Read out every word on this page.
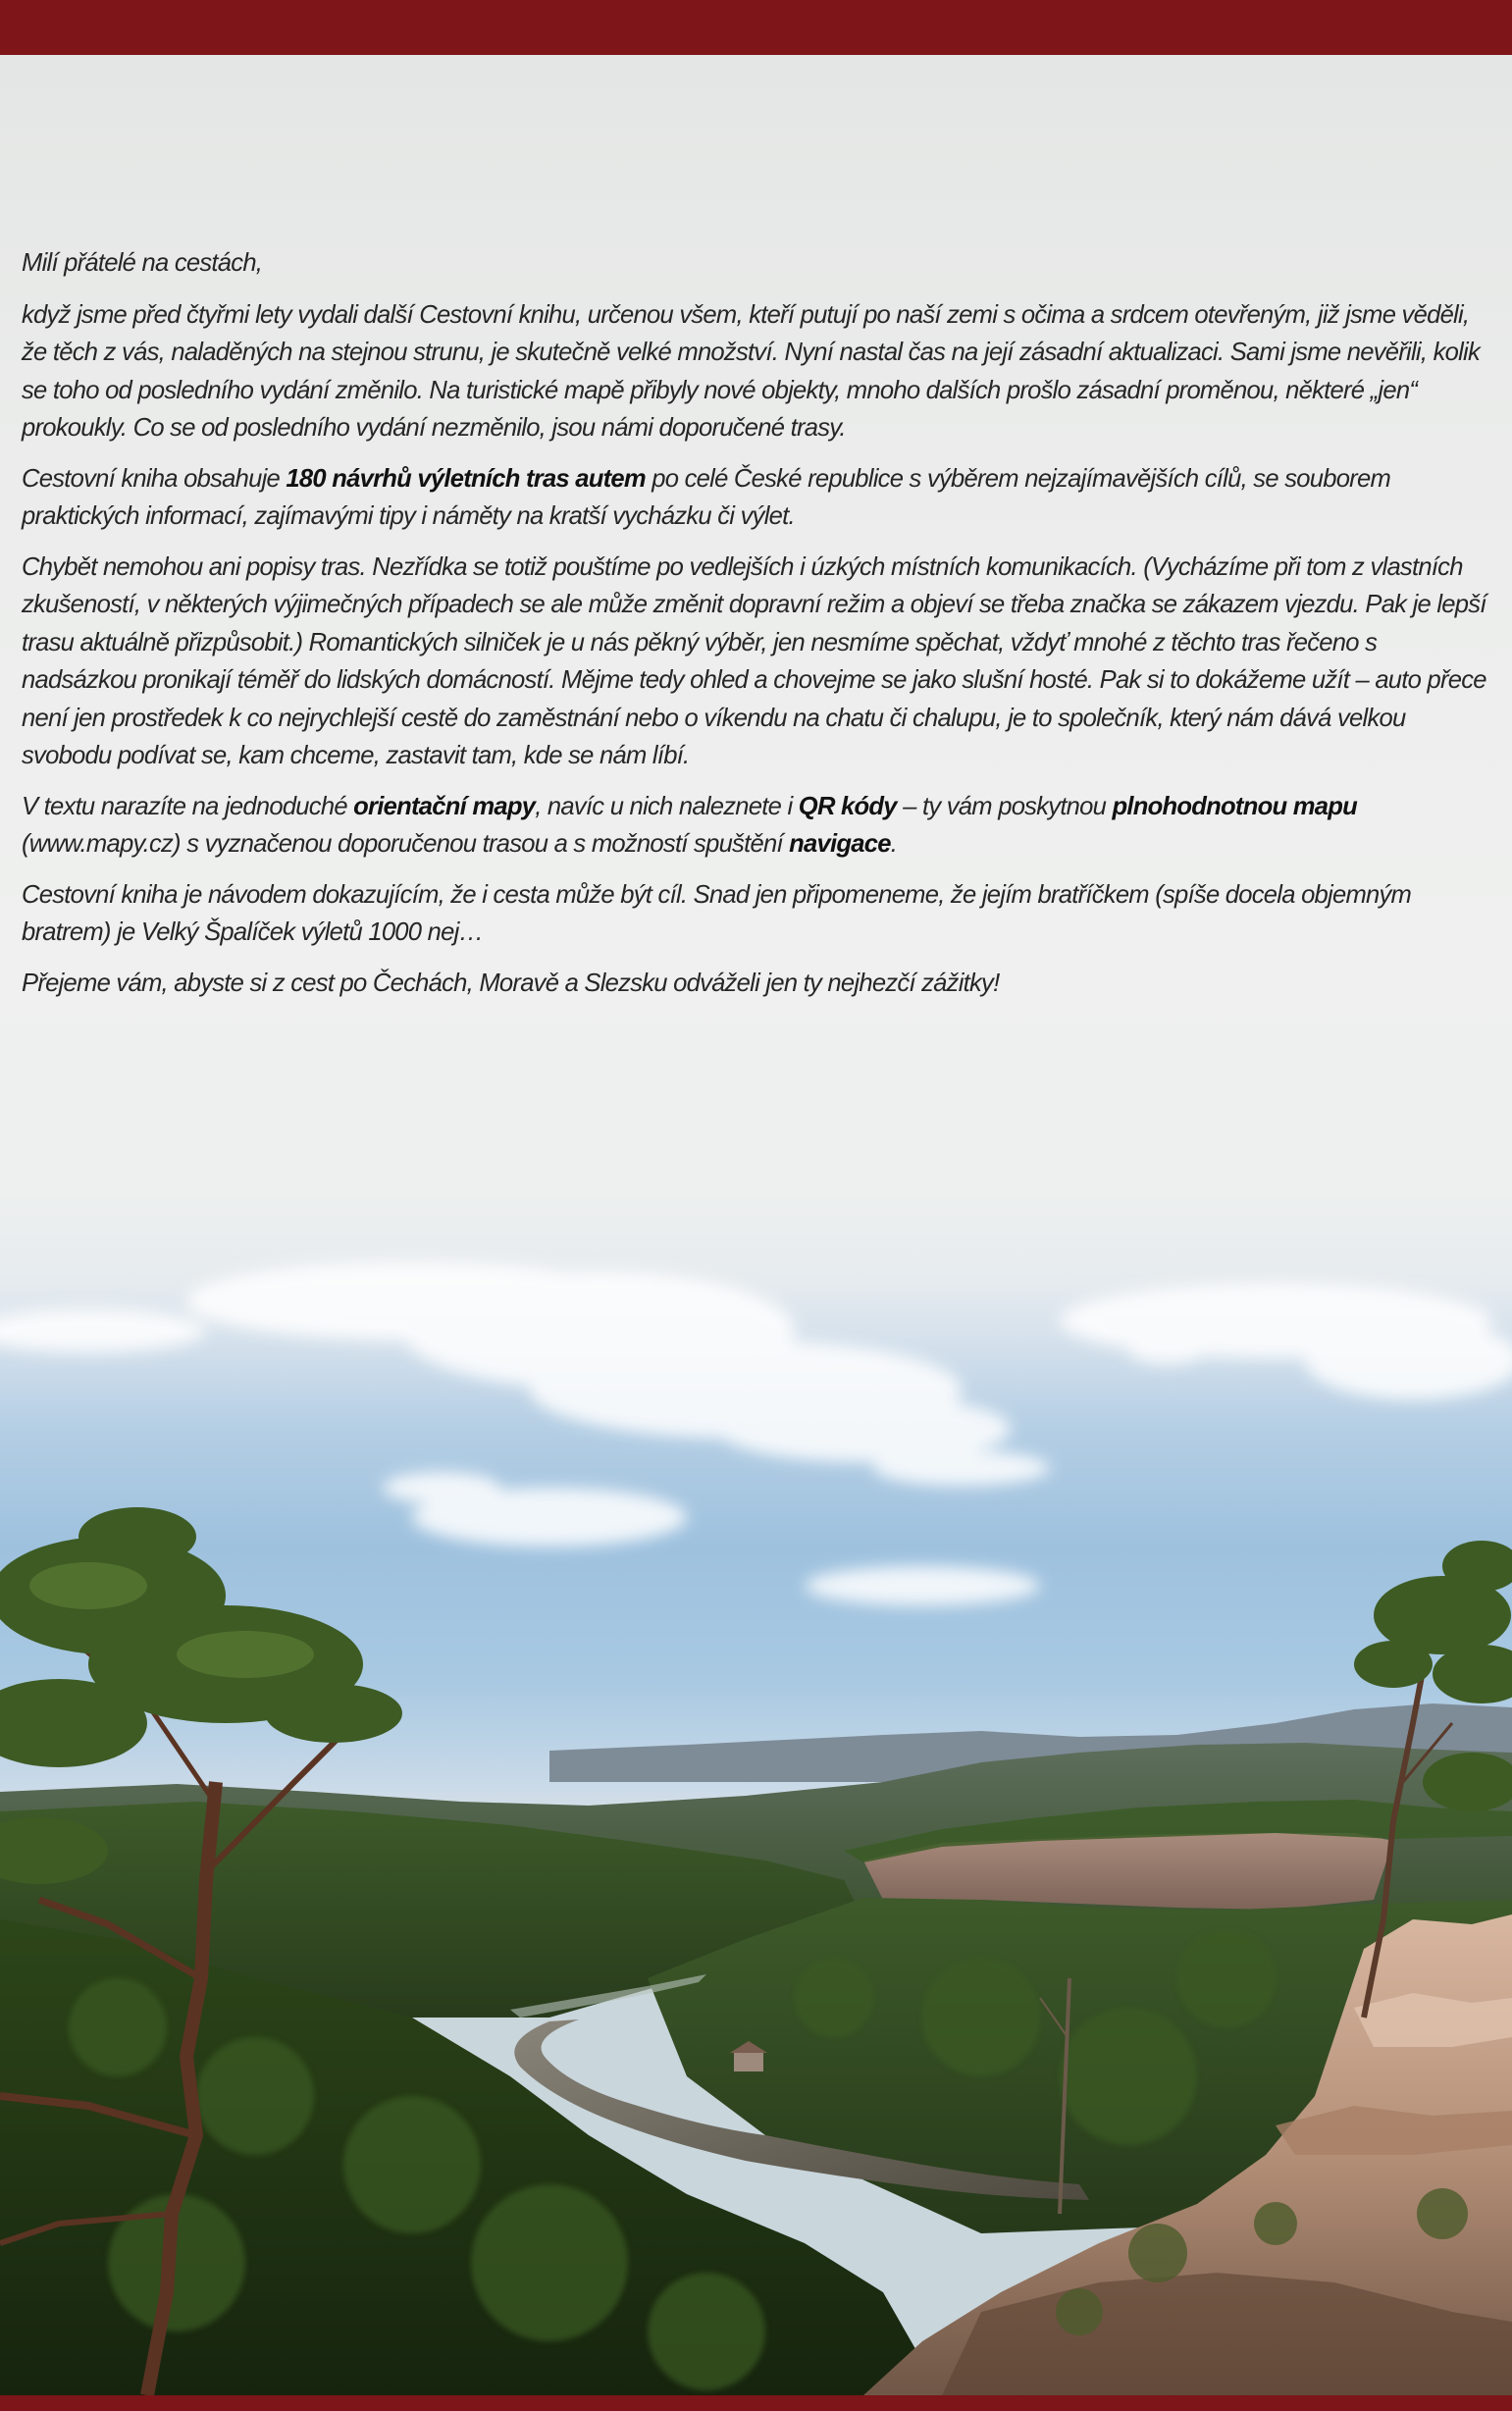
Milí přátelé na cestách,

když jsme před čtyřmi lety vydali další Cestovní knihu, určenou všem, kteří putují po naší zemi s očima a srdcem otevřeným, již jsme věděli, že těch z vás, naladěných na stejnou strunu, je skutečně velké množství. Nyní nastal čas na její zásadní aktualizaci. Sami jsme nevěřili, kolik se toho od posledního vydání změnilo. Na turistické mapě přibyly nové objekty, mnoho dalších prošlo zásadní proměnou, některé „jen“ prokoukly. Co se od posledního vydání nezměnilo, jsou námi doporučené trasy.

Cestovní kniha obsahuje 180 návrhů výletních tras autem po celé České republice s výběrem nejzajímavějších cílů, se souborem praktických informací, zajímavými tipy i náměty na kratší vycházku či výlet.

Chybět nemohou ani popisy tras. Nezřídka se totiž pouštíme po vedlejších i úzkých místních komunikacích. (Vycházíme při tom z vlastních zkušeností, v některých výjimečných případech se ale může změnit dopravní režim a objeví se třeba značka se zákazem vjezdu. Pak je lepší trasu aktuálně přizpůsobit.) Romantických silniček je u nás pěkný výběr, jen nesmíme spěchat, vždyť mnohé z těchto tras řečeno s nadsázkou pronikají téměř do lidských domácností. Mějme tedy ohled a chovejme se jako slušní hosté. Pak si to dokážeme užít – auto přece není jen prostředek k co nejrychlejší cestě do zaměstnání nebo o víkendu na chatu či chalupu, je to společník, který nám dává velkou svobodu podívat se, kam chceme, zastavit tam, kde se nám líbí.

V textu narazíte na jednoduché orientační mapy, navíc u nich naleznete i QR kódy – ty vám poskytnou plnohodnotnou mapu (www.mapy.cz) s vyznačenou doporučenou trasou a s možností spuštění navigace.

Cestovní kniha je návodem dokazujícím, že i cesta může být cíl. Snad jen připomeneme, že jejím bratříčkem (spíše docela objemným bratrem) je Velký Špalíček výletů 1000 nej…

Přejeme vám, abyste si z cest po Čechách, Moravě a Slezsku odváželi jen ty nejhezčí zážitky!
